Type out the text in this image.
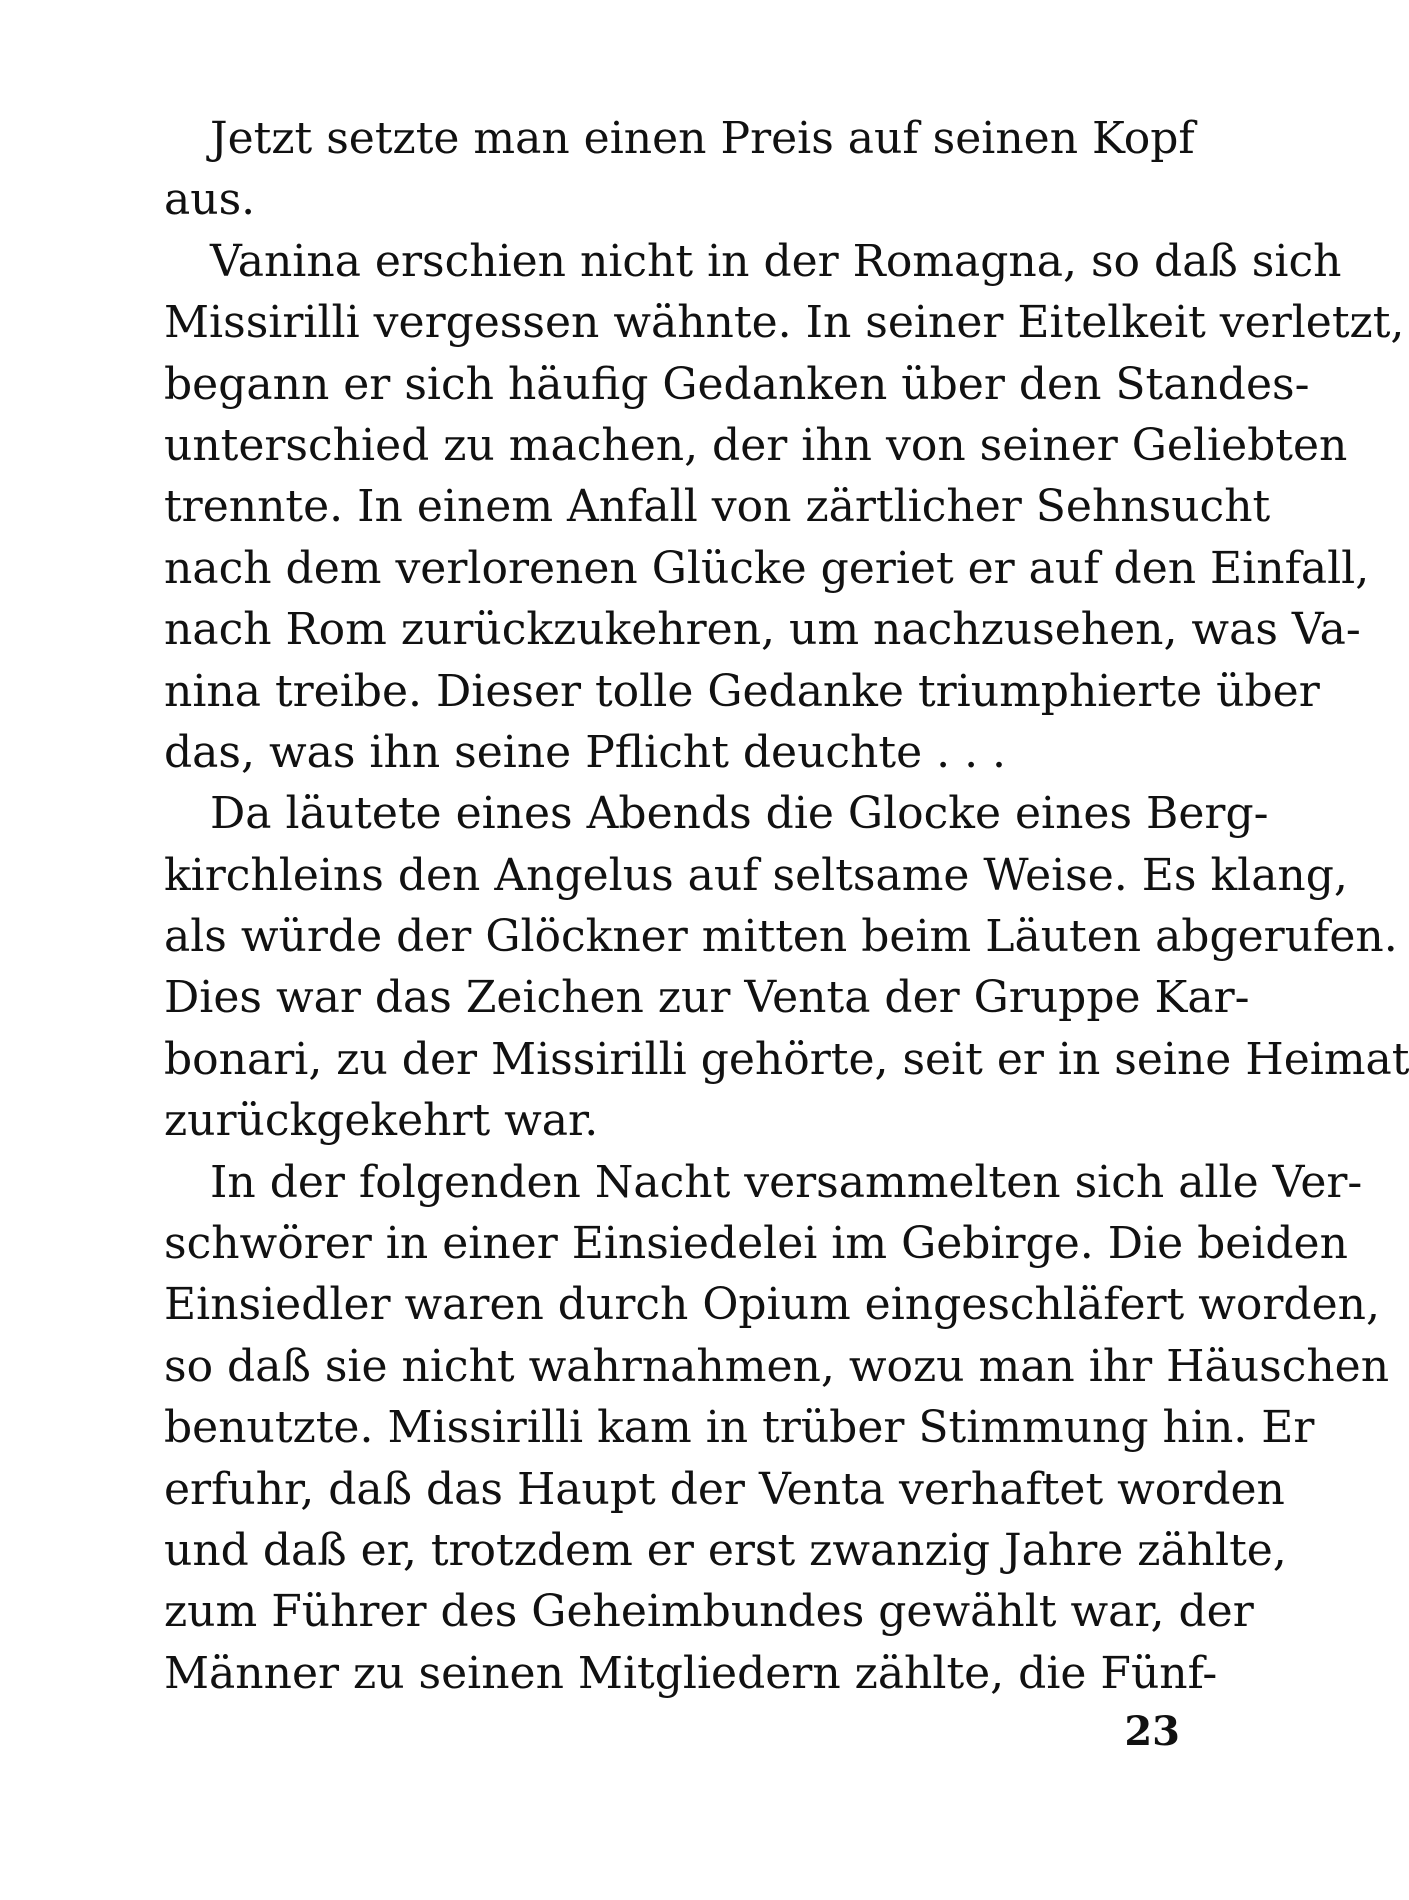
Jetzt setzte man einen Preis auf seinen Kopf
aus.
Vanina erschien nicht in der Romagna, so daß sich
Missirilli vergessen wähnte. In seiner Eitelkeit verletzt,
begann er sich häufig Gedanken über den Standes-
unterschied zu machen, der ihn von seiner Geliebten
trennte. In einem Anfall von zärtlicher Sehnsucht
nach dem verlorenen Glücke geriet er auf den Einfall,
nach Rom zurückzukehren, um nachzusehen, was Va-
nina treibe. Dieser tolle Gedanke triumphierte über
das, was ihn seine Pflicht deuchte . . .
Da läutete eines Abends die Glocke eines Berg-
kirchleins den Angelus auf seltsame Weise. Es klang,
als würde der Glöckner mitten beim Läuten abgerufen.
Dies war das Zeichen zur Venta der Gruppe Kar-
bonari, zu der Missirilli gehörte, seit er in seine Heimat
zurückgekehrt war.
In der folgenden Nacht versammelten sich alle Ver-
schwörer in einer Einsiedelei im Gebirge. Die beiden
Einsiedler waren durch Opium eingeschläfert worden,
so daß sie nicht wahrnahmen, wozu man ihr Häuschen
benutzte. Missirilli kam in trüber Stimmung hin. Er
erfuhr, daß das Haupt der Venta verhaftet worden
und daß er, trotzdem er erst zwanzig Jahre zählte,
zum Führer des Geheimbundes gewählt war, der
Männer zu seinen Mitgliedern zählte, die Fünf-
23
